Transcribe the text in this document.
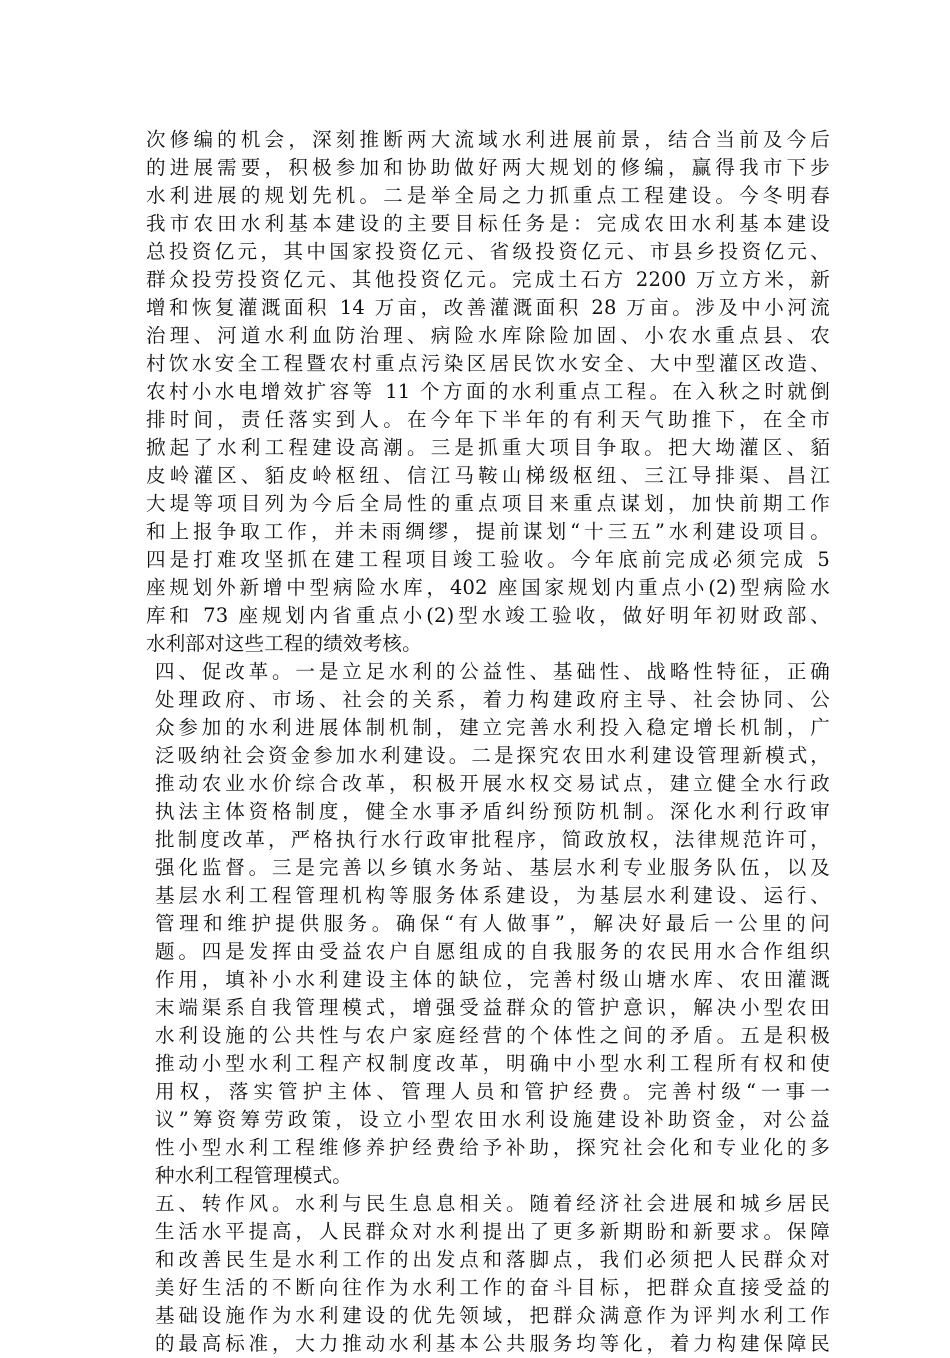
次修编的机会，深刻推断两大流域水利进展前景，结合当前及今后
的进展需要，积极参加和协助做好两大规划的修编，赢得我市下步
水利进展的规划先机。二是举全局之力抓重点工程建设。今冬明春
我市农田水利基本建设的主要目标任务是：完成农田水利基本建设
总投资亿元，其中国家投资亿元、省级投资亿元、市县乡投资亿元、
群众投劳投资亿元、其他投资亿元。完成土石方 2200 万立方米，新
增和恢复灌溉面积 14 万亩，改善灌溉面积 28 万亩。涉及中小河流
治理、河道水利血防治理、病险水库除险加固、小农水重点县、农
村饮水安全工程暨农村重点污染区居民饮水安全、大中型灌区改造、
农村小水电增效扩容等 11 个方面的水利重点工程。在入秋之时就倒
排时间，责任落实到人。在今年下半年的有利天气助推下，在全市
掀起了水利工程建设高潮。三是抓重大项目争取。把大坳灌区、貊
皮岭灌区、貊皮岭枢纽、信江马鞍山梯级枢纽、三江导排渠、昌江
大堤等项目列为今后全局性的重点项目来重点谋划，加快前期工作
和上报争取工作，并未雨绸缪，提前谋划“十三五”水利建设项目。
四是打难攻坚抓在建工程项目竣工验收。今年底前完成必须完成 5
座规划外新增中型病险水库，402 座国家规划内重点小(2)型病险水
库和 73 座规划内省重点小(2)型水竣工验收，做好明年初财政部、
水利部对这些工程的绩效考核。
四、促改革。一是立足水利的公益性、基础性、战略性特征，正确
处理政府、市场、社会的关系，着力构建政府主导、社会协同、公
众参加的水利进展体制机制，建立完善水利投入稳定增长机制，广
泛吸纳社会资金参加水利建设。二是探究农田水利建设管理新模式，
推动农业水价综合改革，积极开展水权交易试点，建立健全水行政
执法主体资格制度，健全水事矛盾纠纷预防机制。深化水利行政审
批制度改革，严格执行水行政审批程序，简政放权，法律规范许可，
强化监督。三是完善以乡镇水务站、基层水利专业服务队伍，以及
基层水利工程管理机构等服务体系建设，为基层水利建设、运行、
管理和维护提供服务。确保“有人做事”，解决好最后一公里的问
题。四是发挥由受益农户自愿组成的自我服务的农民用水合作组织
作用，填补小水利建设主体的缺位，完善村级山塘水库、农田灌溉
末端渠系自我管理模式，增强受益群众的管护意识，解决小型农田
水利设施的公共性与农户家庭经营的个体性之间的矛盾。五是积极
推动小型水利工程产权制度改革，明确中小型水利工程所有权和使
用权，落实管护主体、管理人员和管护经费。完善村级“一事一
议”筹资筹劳政策，设立小型农田水利设施建设补助资金，对公益
性小型水利工程维修养护经费给予补助，探究社会化和专业化的多
种水利工程管理模式。
五、转作风。水利与民生息息相关。随着经济社会进展和城乡居民
生活水平提高，人民群众对水利提出了更多新期盼和新要求。保障
和改善民生是水利工作的出发点和落脚点，我们必须把人民群众对
美好生活的不断向往作为水利工作的奋斗目标，把群众直接受益的
基础设施作为水利建设的优先领域，把群众满意作为评判水利工作
的最高标准，大力推动水利基本公共服务均等化，着力构建保障民
